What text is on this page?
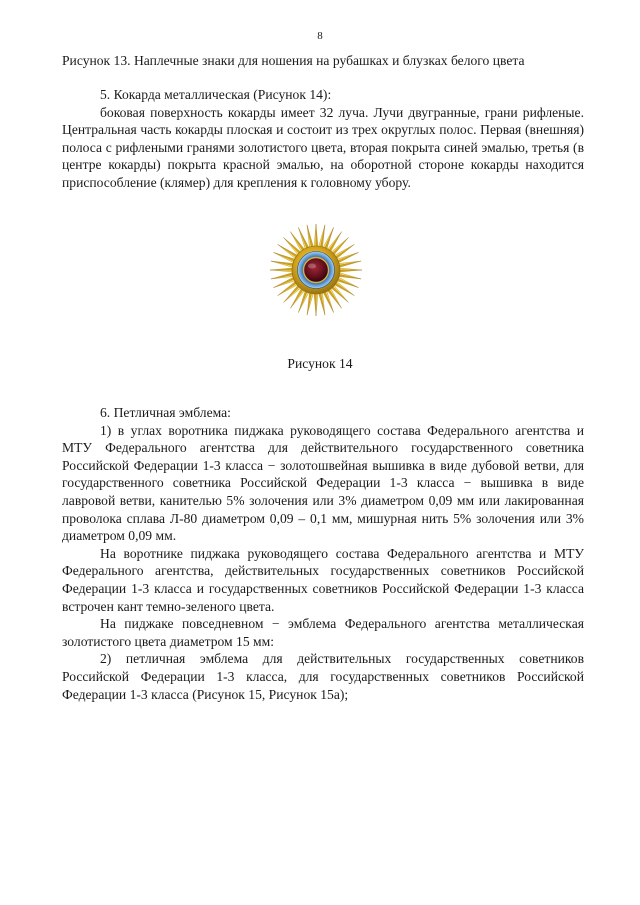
8

Рисунок 13. Наплечные знаки для ношения на рубашках и блузках белого цвета

5. Кокарда металлическая (Рисунок 14):

боковая поверхность кокарды имеет 32 луча. Лучи двугранные, грани рифленые. Центральная часть кокарды плоская и состоит из трех округлых полос. Первая (внешняя) полоса с рифлеными гранями золотистого цвета, вторая покрыта синей эмалью, третья (в центре кокарды) покрыта красной эмалью, на оборотной стороне кокарды находится приспособление (клямер) для крепления к головному убору.

Рисунок 14

6. Петличная эмблема:

1) в углах воротника пиджака руководящего состава Федерального агентства и МТУ Федерального агентства для действительного государственного советника Российской Федерации 1-3 класса − золотошвейная вышивка в виде дубовой ветви, для государственного советника Российской Федерации 1-3 класса − вышивка в виде лавровой ветви, канителью 5% золочения или 3% диаметром 0,09 мм или лакированная проволока сплава Л-80 диаметром 0,09 – 0,1 мм, мишурная нить 5% золочения или 3% диаметром 0,09 мм.

На воротнике пиджака руководящего состава Федерального агентства и МТУ Федерального агентства, действительных государственных советников Российской Федерации 1-3 класса и государственных советников Российской Федерации 1-3 класса встрочен кант темно-зеленого цвета.

На пиджаке повседневном − эмблема Федерального агентства металлическая золотистого цвета диаметром 15 мм:

2) петличная эмблема для действительных государственных советников Российской Федерации 1-3 класса, для государственных советников Российской Федерации 1-3 класса (Рисунок 15, Рисунок 15а);
